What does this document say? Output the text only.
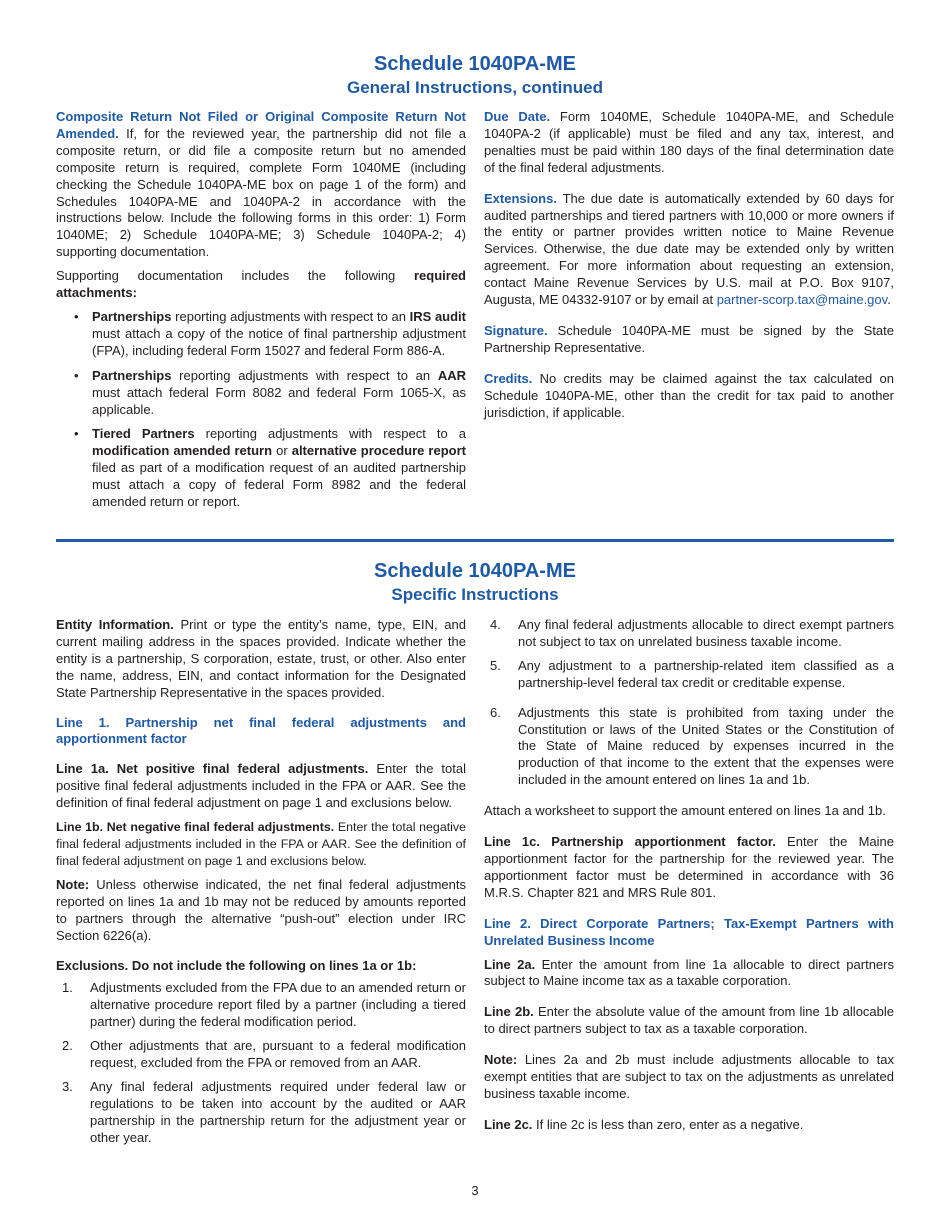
Schedule 1040PA-ME
General Instructions, continued

Composite Return Not Filed or Original Composite Return Not Amended. If, for the reviewed year, the partnership did not file a composite return, or did file a composite return but no amended composite return is required, complete Form 1040ME (including checking the Schedule 1040PA-ME box on page 1 of the form) and Schedules 1040PA-ME and 1040PA-2 in accordance with the instructions below. Include the following forms in this order: 1) Form 1040ME; 2) Schedule 1040PA-ME; 3) Schedule 1040PA-2; 4) supporting documentation.

Supporting documentation includes the following required attachments:

• Partnerships reporting adjustments with respect to an IRS audit must attach a copy of the notice of final partnership adjustment (FPA), including federal Form 15027 and federal Form 886-A.
• Partnerships reporting adjustments with respect to an AAR must attach federal Form 8082 and federal Form 1065-X, as applicable.
• Tiered Partners reporting adjustments with respect to a modification amended return or alternative procedure report filed as part of a modification request of an audited partnership must attach a copy of federal Form 8982 and the federal amended return or report.

Due Date. Form 1040ME, Schedule 1040PA-ME, and Schedule 1040PA-2 (if applicable) must be filed and any tax, interest, and penalties must be paid within 180 days of the final determination date of the final federal adjustments.

Extensions. The due date is automatically extended by 60 days for audited partnerships and tiered partners with 10,000 or more owners if the entity or partner provides written notice to Maine Revenue Services. Otherwise, the due date may be extended only by written agreement. For more information about requesting an extension, contact Maine Revenue Services by U.S. mail at P.O. Box 9107, Augusta, ME 04332-9107 or by email at partner-scorp.tax@maine.gov.

Signature. Schedule 1040PA-ME must be signed by the State Partnership Representative.

Credits. No credits may be claimed against the tax calculated on Schedule 1040PA-ME, other than the credit for tax paid to another jurisdiction, if applicable.

Schedule 1040PA-ME
Specific Instructions

Entity Information. Print or type the entity’s name, type, EIN, and current mailing address in the spaces provided. Indicate whether the entity is a partnership, S corporation, estate, trust, or other. Also enter the name, address, EIN, and contact information for the Designated State Partnership Representative in the spaces provided.

Line 1. Partnership net final federal adjustments and apportionment factor

Line 1a. Net positive final federal adjustments. Enter the total positive final federal adjustments included in the FPA or AAR. See the definition of final federal adjustment on page 1 and exclusions below.

Line 1b. Net negative final federal adjustments. Enter the total negative final federal adjustments included in the FPA or AAR. See the definition of final federal adjustment on page 1 and exclusions below.

Note: Unless otherwise indicated, the net final federal adjustments reported on lines 1a and 1b may not be reduced by amounts reported to partners through the alternative “push-out” election under IRC Section 6226(a).

Exclusions. Do not include the following on lines 1a or 1b:

1. Adjustments excluded from the FPA due to an amended return or alternative procedure report filed by a partner (including a tiered partner) during the federal modification period.
2. Other adjustments that are, pursuant to a federal modification request, excluded from the FPA or removed from an AAR.
3. Any final federal adjustments required under federal law or regulations to be taken into account by the audited or AAR partnership in the partnership return for the adjustment year or other year.
4. Any final federal adjustments allocable to direct exempt partners not subject to tax on unrelated business taxable income.
5. Any adjustment to a partnership-related item classified as a partnership-level federal tax credit or creditable expense.
6. Adjustments this state is prohibited from taxing under the Constitution or laws of the United States or the Constitution of the State of Maine reduced by expenses incurred in the production of that income to the extent that the expenses were included in the amount entered on lines 1a and 1b.

Attach a worksheet to support the amount entered on lines 1a and 1b.

Line 1c. Partnership apportionment factor. Enter the Maine apportionment factor for the partnership for the reviewed year. The apportionment factor must be determined in accordance with 36 M.R.S. Chapter 821 and MRS Rule 801.

Line 2. Direct Corporate Partners; Tax-Exempt Partners with Unrelated Business Income

Line 2a. Enter the amount from line 1a allocable to direct partners subject to Maine income tax as a taxable corporation.

Line 2b. Enter the absolute value of the amount from line 1b allocable to direct partners subject to tax as a taxable corporation.

Note: Lines 2a and 2b must include adjustments allocable to tax exempt entities that are subject to tax on the adjustments as unrelated business taxable income.

Line 2c. If line 2c is less than zero, enter as a negative.

3
